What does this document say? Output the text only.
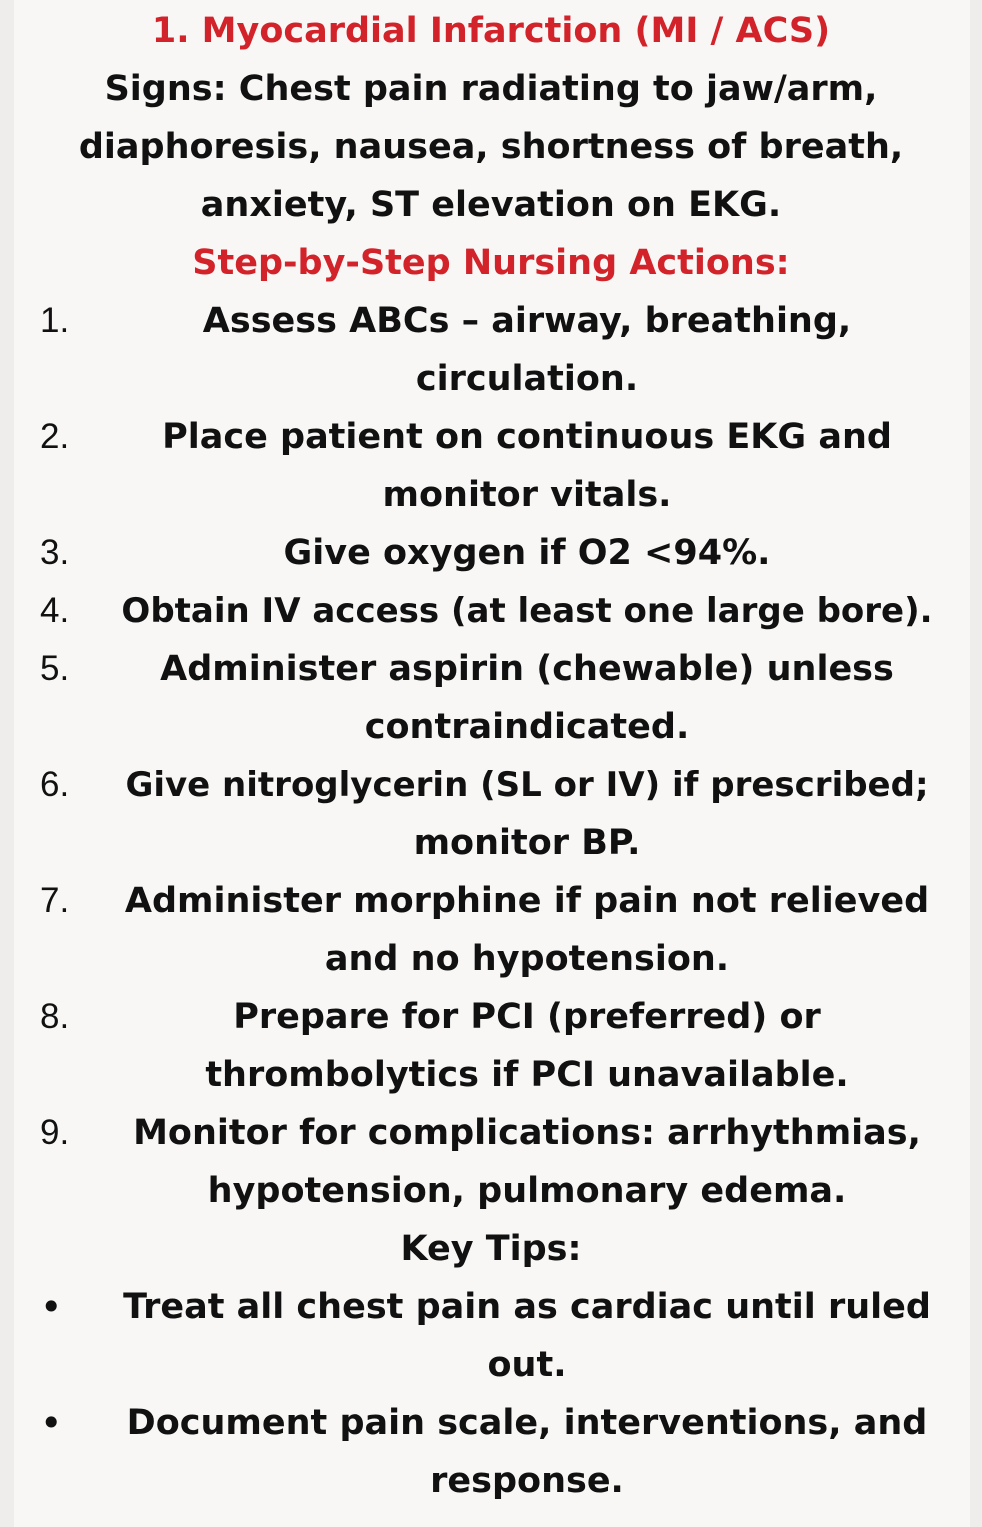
1. Myocardial Infarction (MI / ACS)
Signs: Chest pain radiating to jaw/arm,
diaphoresis, nausea, shortness of breath,
anxiety, ST elevation on EKG.
Step-by-Step Nursing Actions:
1.	Assess ABCs – airway, breathing,
circulation.
2.	Place patient on continuous EKG and
monitor vitals.
3.	Give oxygen if O2 <94%.
4.	Obtain IV access (at least one large bore).
5.	Administer aspirin (chewable) unless
contraindicated.
6.	Give nitroglycerin (SL or IV) if prescribed;
monitor BP.
7.	Administer morphine if pain not relieved
and no hypotension.
8.	Prepare for PCI (preferred) or
thrombolytics if PCI unavailable.
9.	Monitor for complications: arrhythmias,
hypotension, pulmonary edema.
Key Tips:
•	Treat all chest pain as cardiac until ruled
out.
•	Document pain scale, interventions, and
response.
